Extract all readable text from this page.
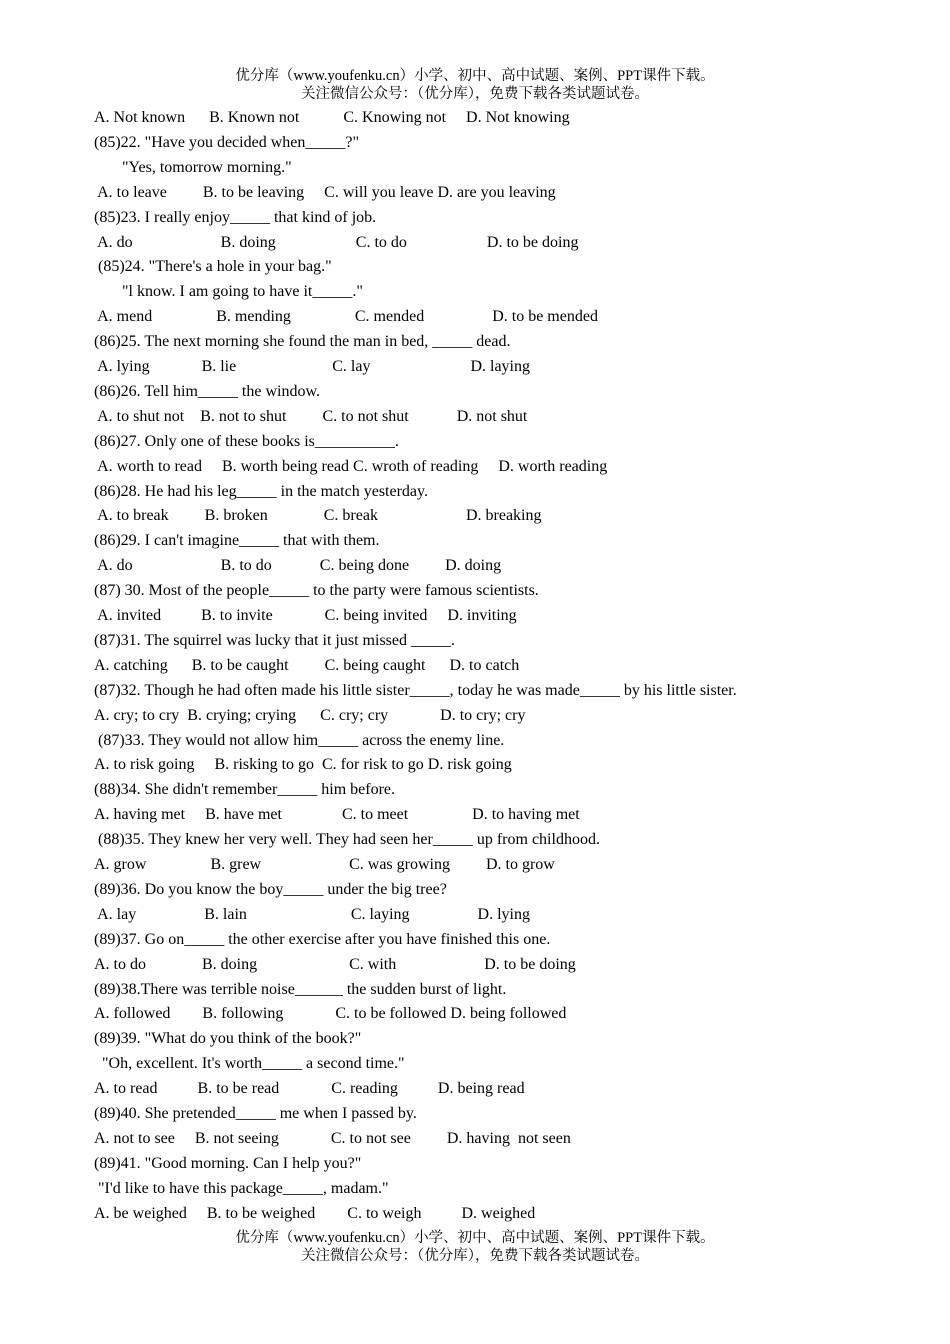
优分库（www.youfenku.cn）小学、初中、高中试题、案例、PPT课件下载。
关注微信公众号：（优分库），免费下载各类试题试卷。
A. Not known      B. Known not           C. Knowing not     D. Not knowing
(85)22. "Have you decided when_____?"
"Yes, tomorrow morning."
A. to leave         B. to be leaving     C. will you leave D. are you leaving
(85)23. I really enjoy_____ that kind of job.
A. do                      B. doing                    C. to do                    D. to be doing
(85)24. "There's a hole in your bag."
"l know. I am going to have it_____."
A. mend                B. mending                C. mended                 D. to be mended
(86)25. The next morning she found the man in bed, _____ dead.
A. lying             B. lie                        C. lay                         D. laying
(86)26. Tell him_____ the window.
A. to shut not    B. not to shut         C. to not shut            D. not shut
(86)27. Only one of these books is__________.
A. worth to read     B. worth being read C. wroth of reading     D. worth reading
(86)28. He had his leg_____ in the match yesterday.
A. to break         B. broken              C. break                      D. breaking
(86)29. I can't imagine_____ that with them.
A. do                      B. to do            C. being done         D. doing
(87) 30. Most of the people_____ to the party were famous scientists.
A. invited          B. to invite             C. being invited     D. inviting
(87)31. The squirrel was lucky that it just missed _____.
A. catching      B. to be caught         C. being caught      D. to catch
(87)32. Though he had often made his little sister_____, today he was made_____ by his little sister.
A. cry; to cry  B. crying; crying      C. cry; cry             D. to cry; cry
(87)33. They would not allow him_____ across the enemy line.
A. to risk going     B. risking to go  C. for risk to go D. risk going
(88)34. She didn't remember_____ him before.
A. having met     B. have met               C. to meet                D. to having met
(88)35. They knew her very well. They had seen her_____ up from childhood.
A. grow                B. grew                      C. was growing         D. to grow
(89)36. Do you know the boy_____ under the big tree?
A. lay                 B. lain                          C. laying                 D. lying
(89)37. Go on_____ the other exercise after you have finished this one.
A. to do              B. doing                       C. with                      D. to be doing
(89)38.There was terrible noise______ the sudden burst of light.
A. followed        B. following             C. to be followed D. being followed
(89)39. "What do you think of the book?"
"Oh, excellent. It's worth_____ a second time."
A. to read          B. to be read             C. reading          D. being read
(89)40. She pretended_____ me when I passed by.
A. not to see     B. not seeing             C. to not see         D. having  not seen
(89)41. "Good morning. Can I help you?"
"I'd like to have this package_____, madam."
A. be weighed     B. to be weighed        C. to weigh          D. weighed
优分库（www.youfenku.cn）小学、初中、高中试题、案例、PPT课件下载。
关注微信公众号：（优分库），免费下载各类试题试卷。
